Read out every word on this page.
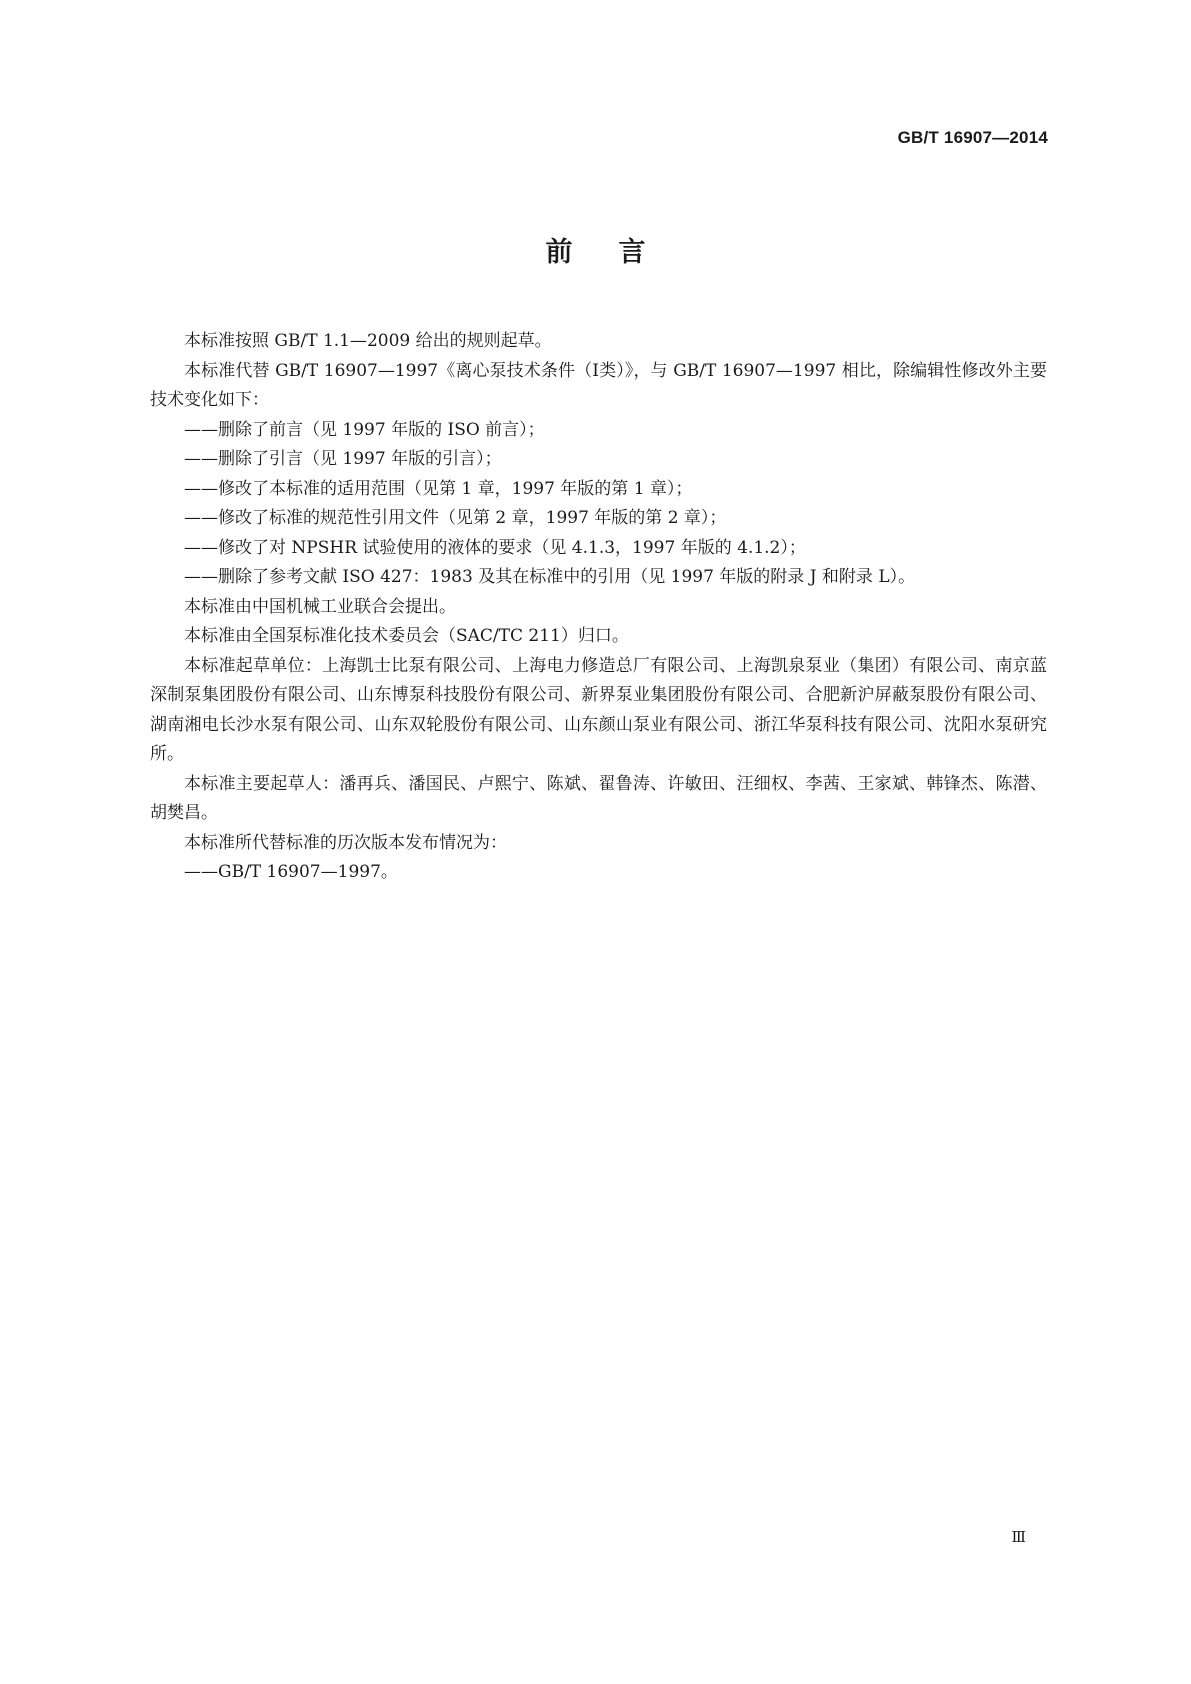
GB/T 16907—2014
前言

本标准按照 GB/T 1.1—2009 给出的规则起草。

本标准代替 GB/T 16907—1997《离心泵技术条件（Ⅰ类）》，与 GB/T 16907—1997 相比，除编辑性修改外主要技术变化如下：

——删除了前言（见 1997 年版的 ISO 前言）；

——删除了引言（见 1997 年版的引言）；

——修改了本标准的适用范围（见第 1 章，1997 年版的第 1 章）；

——修改了标准的规范性引用文件（见第 2 章，1997 年版的第 2 章）；

——修改了对 NPSHR 试验使用的液体的要求（见 4.1.3，1997 年版的 4.1.2）；

——删除了参考文献 ISO 427：1983 及其在标准中的引用（见 1997 年版的附录 J 和附录 L）。

本标准由中国机械工业联合会提出。

本标准由全国泵标准化技术委员会（SAC/TC 211）归口。

本标准起草单位：上海凯士比泵有限公司、上海电力修造总厂有限公司、上海凯泉泵业（集团）有限公司、南京蓝深制泵集团股份有限公司、山东博泵科技股份有限公司、新界泵业集团股份有限公司、合肥新沪屏蔽泵股份有限公司、湖南湘电长沙水泵有限公司、山东双轮股份有限公司、山东颜山泵业有限公司、浙江华泵科技有限公司、沈阳水泵研究所。

本标准主要起草人：潘再兵、潘国民、卢熙宁、陈斌、翟鲁涛、许敏田、汪细权、李茜、王家斌、韩锋杰、陈潜、胡樊昌。

本标准所代替标准的历次版本发布情况为：

——GB/T 16907—1997。

Ⅲ
